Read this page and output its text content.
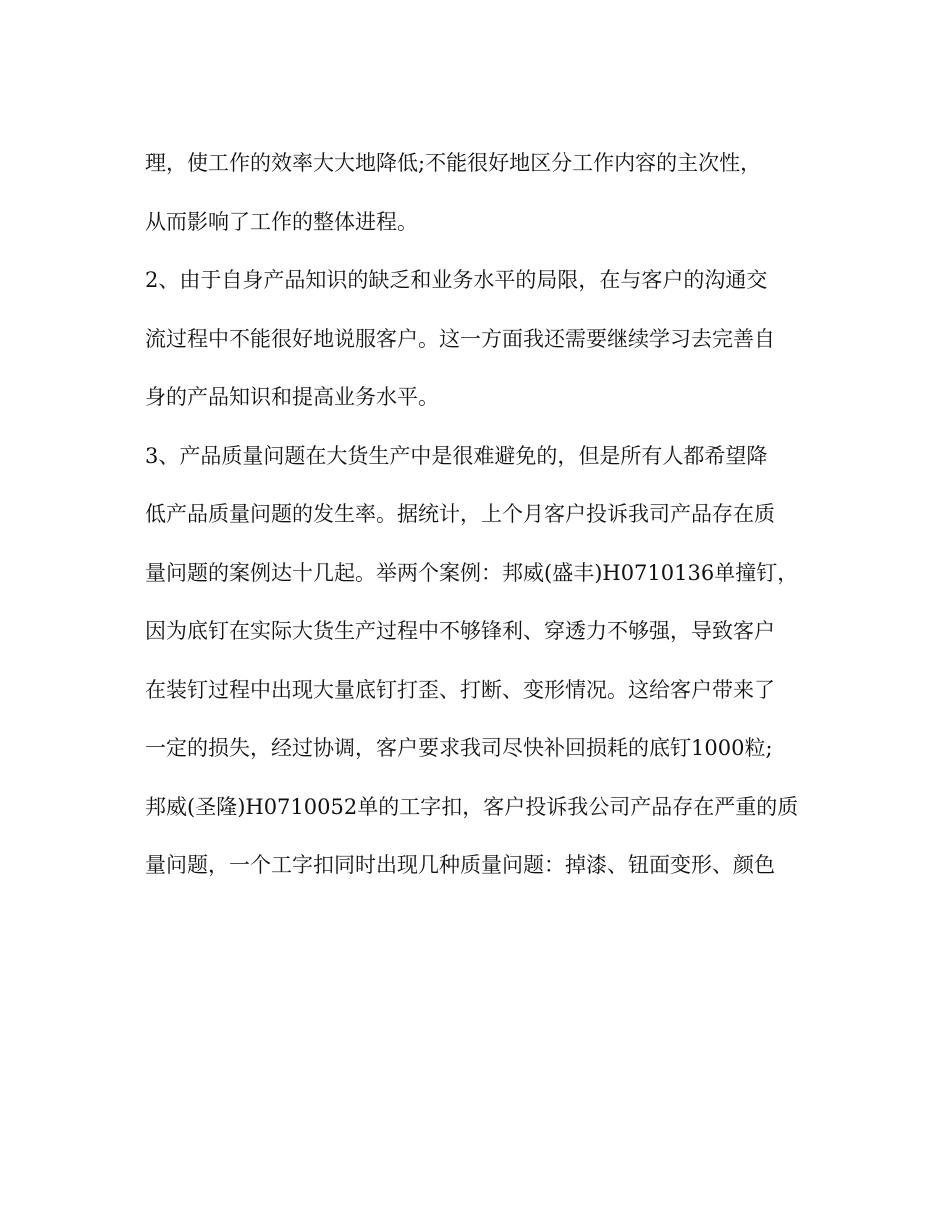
理，使工作的效率大大地降低;不能很好地区分工作内容的主次性，
从而影响了工作的整体进程。
2、由于自身产品知识的缺乏和业务水平的局限，在与客户的沟通交
流过程中不能很好地说服客户。这一方面我还需要继续学习去完善自
身的产品知识和提高业务水平。
3、产品质量问题在大货生产中是很难避免的，但是所有人都希望降
低产品质量问题的发生率。据统计，上个月客户投诉我司产品存在质
量问题的案例达十几起。举两个案例：邦威(盛丰)H0710136单撞钉，
因为底钉在实际大货生产过程中不够锋利、穿透力不够强，导致客户
在装钉过程中出现大量底钉打歪、打断、变形情况。这给客户带来了
一定的损失，经过协调，客户要求我司尽快补回损耗的底钉1000粒;
邦威(圣隆)H0710052单的工字扣，客户投诉我公司产品存在严重的质
量问题，一个工字扣同时出现几种质量问题：掉漆、钮面变形、颜色
